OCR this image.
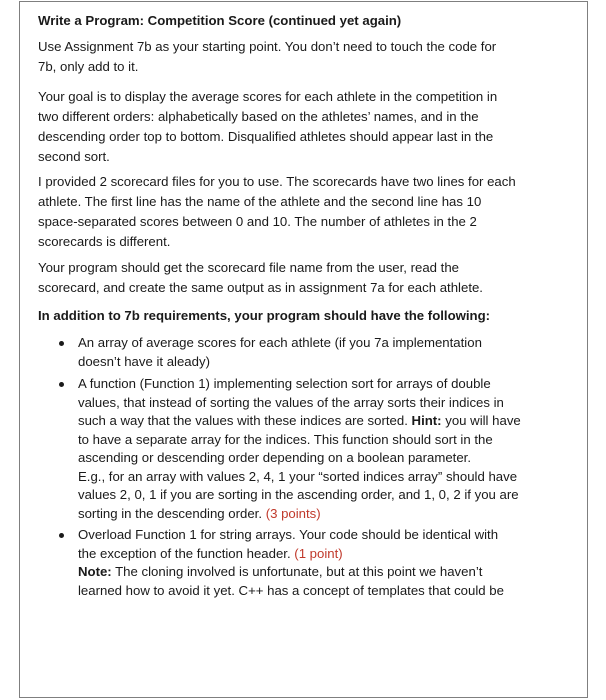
Write a Program: Competition Score (continued yet again)

Use Assignment 7b as your starting point. You don’t need to touch the code for
7b, only add to it.

Your goal is to display the average scores for each athlete in the competition in
two different orders: alphabetically based on the athletes’ names, and in the
descending order top to bottom. Disqualified athletes should appear last in the
second sort.

I provided 2 scorecard files for you to use. The scorecards have two lines for each
athlete. The first line has the name of the athlete and the second line has 10
space-separated scores between 0 and 10. The number of athletes in the 2
scorecards is different.

Your program should get the scorecard file name from the user, read the
scorecard, and create the same output as in assignment 7a for each athlete.

In addition to 7b requirements, your program should have the following:

An array of average scores for each athlete (if you 7a implementation
doesn’t have it aleady)
A function (Function 1) implementing selection sort for arrays of double
values, that instead of sorting the values of the array sorts their indices in
such a way that the values with these indices are sorted. Hint: you will have
to have a separate array for the indices. This function should sort in the
ascending or descending order depending on a boolean parameter.
E.g., for an array with values 2, 4, 1 your “sorted indices array” should have
values 2, 0, 1 if you are sorting in the ascending order, and 1, 0, 2 if you are
sorting in the descending order. (3 points)
Overload Function 1 for string arrays. Your code should be identical with
the exception of the function header. (1 point)
Note: The cloning involved is unfortunate, but at this point we haven’t
learned how to avoid it yet. C++ has a concept of templates that could be
